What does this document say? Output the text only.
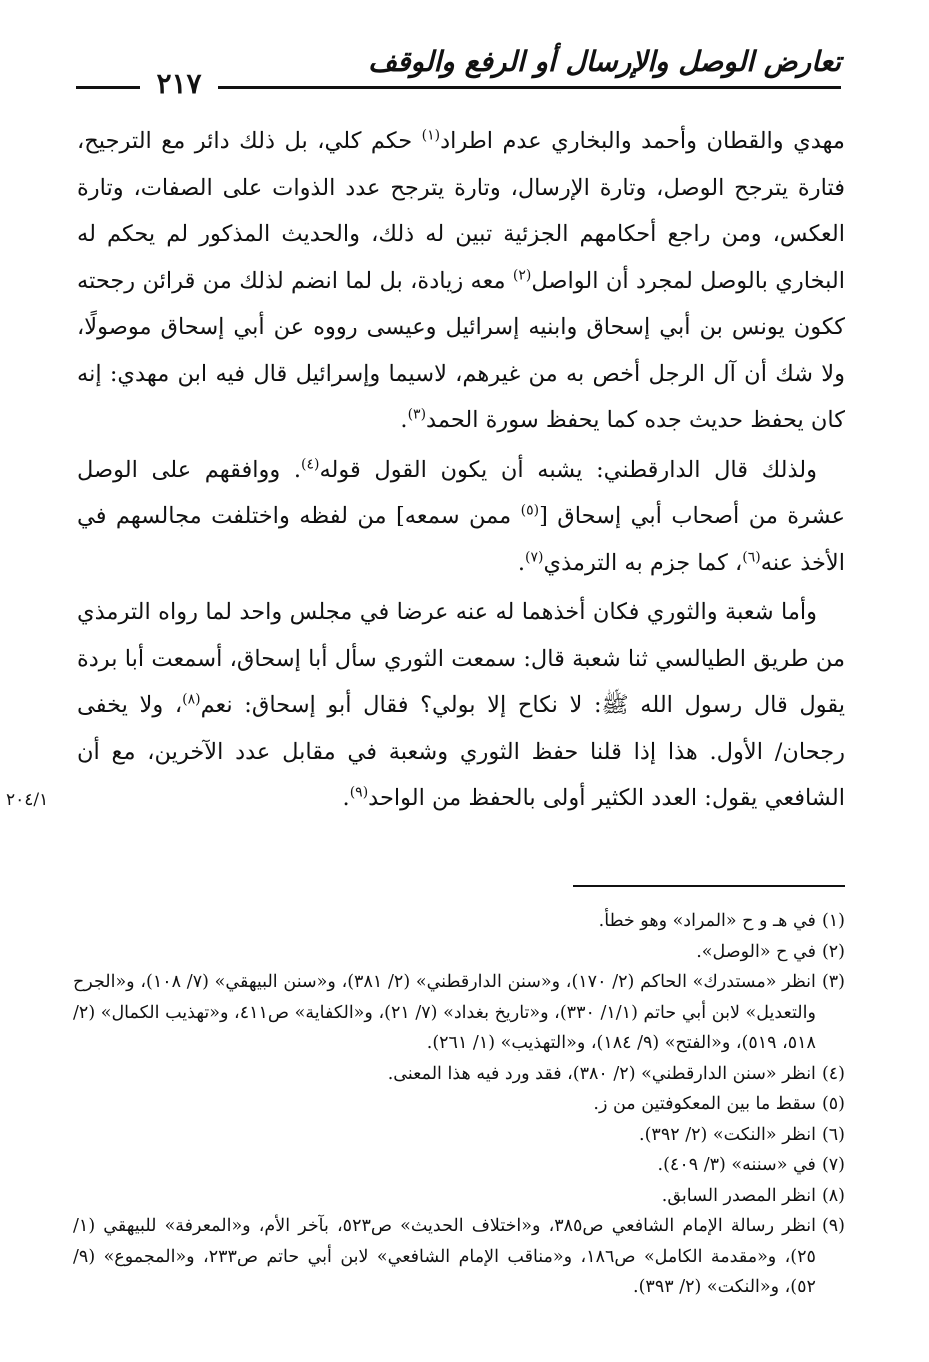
تعارض الوصل والإرسال أو الرفع والوقف
٢١٧

مهدي والقطان وأحمد والبخاري عدم اطراد$^{(١)}$ حكم كلي، بل ذلك دائر مع الترجيح، فتارة يترجح الوصل، وتارة الإرسال، وتارة يترجح عدد الذوات على الصفات، وتارة العكس، ومن راجع أحكامهم الجزئية تبين له ذلك، والحديث المذكور لم يحكم له البخاري بالوصل لمجرد أن الواصل$^{(٢)}$ معه زيادة، بل لما انضم لذلك من قرائن رجحته ككون يونس بن أبي إسحاق وابنيه إسرائيل وعيسى رووه عن أبي إسحاق موصولًا، ولا شك أن آل الرجل أخص به من غيرهم، لاسيما وإسرائيل قال فيه ابن مهدي: إنه كان يحفظ حديث جده كما يحفظ سورة الحمد$^{(٣)}$.

ولذلك قال الدارقطني: يشبه أن يكون القول قوله$^{(٤)}$. ووافقهم على الوصل عشرة من أصحاب أبي إسحاق [$^{(٥)}$ ممن سمعه] من لفظه واختلفت مجالسهم في الأخذ عنه$^{(٦)}$، كما جزم به الترمذي$^{(٧)}$.

وأما شعبة والثوري فكان أخذهما له عنه عرضا في مجلس واحد لما رواه الترمذي من طريق الطيالسي ثنا شعبة قال: سمعت الثوري سأل أبا إسحاق، أسمعت أبا بردة يقول قال رسول الله ﷺ: لا نكاح إلا بولي؟ فقال أبو إسحاق: نعم$^{(٨)}$، ولا يخفى رجحان/ الأول. هذا إذا قلنا حفظ الثوري وشعبة في مقابل عدد الآخرين، مع أن الشافعي يقول: العدد الكثير أولى بالحفظ من الواحد$^{(٩)}$.

٢٠٤/١
(١)
في هـ و ح «المراد» وهو خطأ.
(٢)
في ح «الوصل».
(٣)
انظر «مستدرك» الحاكم (٢/ ١٧٠)، و«سنن الدارقطني» (٢/ ٣٨١)، و«سنن البيهقي» (٧/ ١٠٨)، و«الجرح والتعديل» لابن أبي حاتم (١/١/ ٣٣٠)، و«تاريخ بغداد» (٧/ ٢١)، و«الكفاية» ص٤١١، و«تهذيب الكمال» (٢/ ٥١٨، ٥١٩)، و«الفتح» (٩/ ١٨٤)، و«التهذيب» (١/ ٢٦١).
(٤)
انظر «سنن الدارقطني» (٢/ ٣٨٠)، فقد ورد فيه هذا المعنى.
(٥)
سقط ما بين المعكوفتين من ز.
(٦)
انظر «النكت» (٢/ ٣٩٢).
(٧)
في «سننه» (٣/ ٤٠٩).
(٨)
انظر المصدر السابق.
(٩)
انظر رسالة الإمام الشافعي ص٣٨٥، و«اختلاف الحديث» ص٥٢٣، بآخر الأم، و«المعرفة» للبيهقي (١/ ٢٥)، و«مقدمة الكامل» ص١٨٦، و«مناقب الإمام الشافعي» لابن أبي حاتم ص٢٣٣، و«المجموع» (٩/ ٥٢)، و«النكت» (٢/ ٣٩٣).
